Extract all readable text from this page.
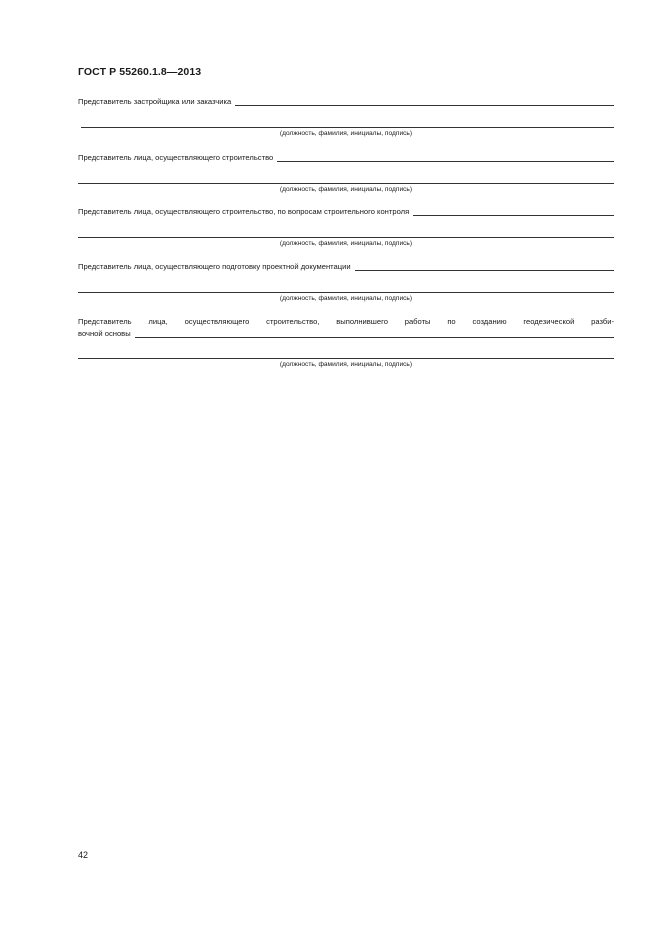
ГОСТ Р 55260.1.8—2013
Представитель застройщика или заказчика
(должность, фамилия, инициалы, подпись)
Представитель лица, осуществляющего строительство
(должность, фамилия, инициалы, подпись)
Представитель лица, осуществляющего строительство, по вопросам строительного контроля
(должность, фамилия, инициалы, подпись)
Представитель лица, осуществляющего подготовку проектной документации
(должность, фамилия, инициалы, подпись)
Представитель лица, осуществляющего строительство, выполнившего работы по созданию геодезической разби-
вочной основы
(должность, фамилия, инициалы, подпись)
42
